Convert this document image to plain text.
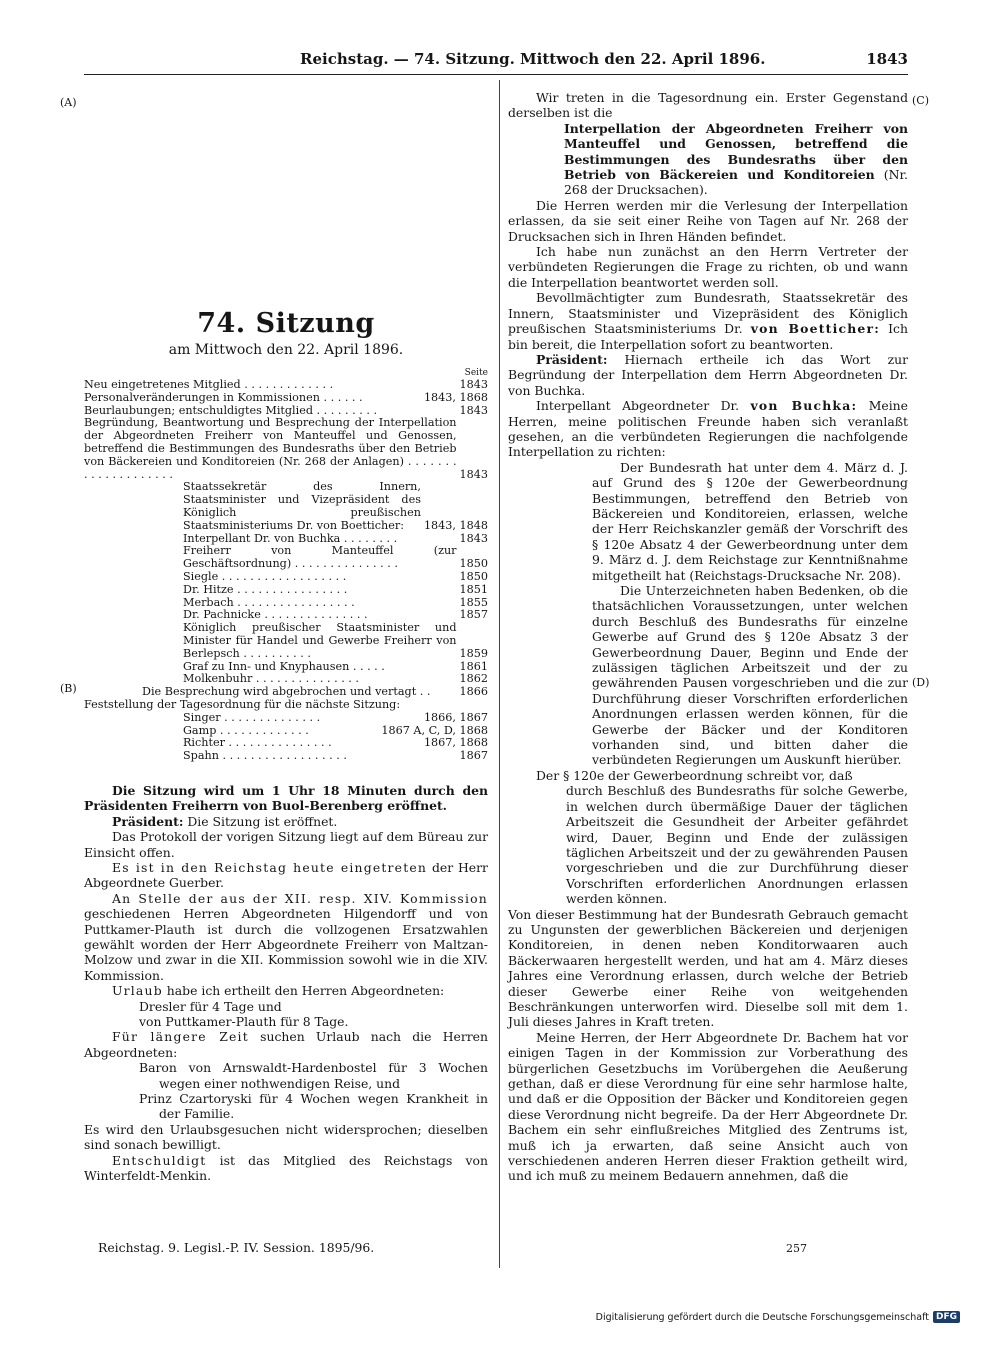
Reichstag. — 74. Sitzung. Mittwoch den 22. April 1896.	1843
(A)
(B)
(C)
(D)
74. Sitzung
am Mittwoch den 22. April 1896.
Seite
Neu eingetretenes Mitglied . . . . . . . . . . . . .	1843
Personalveränderungen in Kommissionen . . . . . .	1843, 1868
Beurlaubungen; entschuldigtes Mitglied . . . . . . . . .	1843
Begründung, Beantwortung und Besprechung der Interpellation der Abgeordneten Freiherr von Manteuffel und Genossen, betreffend die Bestimmungen des Bundesraths über den Betrieb von Bäckereien und Konditoreien (Nr. 268 der Anlagen) . . . . . . . . . . . . . . . . . . . .	1843
Staatssekretär des Innern, Staatsminister und Vizepräsident des Königlich preußischen Staatsministeriums Dr. von Boetticher:	1843, 1848
Interpellant Dr. von Buchka . . . . . . . .	1843
Freiherr von Manteuffel (zur Geschäftsordnung) . . . . . . . . . . . . . . .	1850
Siegle . . . . . . . . . . . . . . . . . .	1850
Dr. Hitze . . . . . . . . . . . . . . . .	1851
Merbach . . . . . . . . . . . . . . . . .	1855
Dr. Pachnicke . . . . . . . . . . . . . . .	1857
Königlich preußischer Staatsminister und Minister für Handel und Gewerbe Freiherr von Berlepsch . . . . . . . . . .	1859
Graf zu Inn- und Knyphausen . . . . .	1861
Molkenbuhr . . . . . . . . . . . . . . .	1862
Die Besprechung wird abgebrochen und vertagt . .	1866
Feststellung der Tagesordnung für die nächste Sitzung:
Singer . . . . . . . . . . . . . .	1866, 1867
Gamp . . . . . . . . . . . . .	1867 A, C, D, 1868
Richter . . . . . . . . . . . . . . .	1867, 1868
Spahn . . . . . . . . . . . . . . . . . .	1867

Die Sitzung wird um 1 Uhr 18 Minuten durch den Präsidenten Freiherrn von Buol-Berenberg eröffnet.

Präsident: Die Sitzung ist eröffnet.

Das Protokoll der vorigen Sitzung liegt auf dem Büreau zur Einsicht offen.

Es ist in den Reichstag heute eingetreten der Herr Abgeordnete Guerber.

An Stelle der aus der XII. resp. XIV. Kommission geschiedenen Herren Abgeordneten Hilgendorff und von Puttkamer-Plauth ist durch die vollzogenen Ersatzwahlen gewählt worden der Herr Abgeordnete Freiherr von Maltzan-Molzow und zwar in die XII. Kommission sowohl wie in die XIV. Kommission.

Urlaub habe ich ertheilt den Herren Abgeordneten:

Dresler für 4 Tage und

von Puttkamer-Plauth für 8 Tage.

Für längere Zeit suchen Urlaub nach die Herren Abgeordneten:

Baron von Arnswaldt-Hardenbostel für 3 Wochen wegen einer nothwendigen Reise, und

Prinz Czartoryski für 4 Wochen wegen Krankheit in der Familie.

Es wird den Urlaubsgesuchen nicht widersprochen; dieselben sind sonach bewilligt.

Entschuldigt ist das Mitglied des Reichstags von Winterfeldt-Menkin.

Wir treten in die Tagesordnung ein. Erster Gegenstand derselben ist die

Interpellation der Abgeordneten Freiherr von Manteuffel und Genossen, betreffend die Bestimmungen des Bundesraths über den Betrieb von Bäckereien und Konditoreien (Nr. 268 der Drucksachen).

Die Herren werden mir die Verlesung der Interpellation erlassen, da sie seit einer Reihe von Tagen auf Nr. 268 der Drucksachen sich in Ihren Händen befindet.

Ich habe nun zunächst an den Herrn Vertreter der verbündeten Regierungen die Frage zu richten, ob und wann die Interpellation beantwortet werden soll.

Bevollmächtigter zum Bundesrath, Staatssekretär des Innern, Staatsminister und Vizepräsident des Königlich preußischen Staatsministeriums Dr. von Boetticher: Ich bin bereit, die Interpellation sofort zu beantworten.

Präsident: Hiernach ertheile ich das Wort zur Begründung der Interpellation dem Herrn Abgeordneten Dr. von Buchka.

Interpellant Abgeordneter Dr. von Buchka: Meine Herren, meine politischen Freunde haben sich veranlaßt gesehen, an die verbündeten Regierungen die nachfolgende Interpellation zu richten:

Der Bundesrath hat unter dem 4. März d. J. auf Grund des § 120e der Gewerbeordnung Bestimmungen, betreffend den Betrieb von Bäckereien und Konditoreien, erlassen, welche der Herr Reichskanzler gemäß der Vorschrift des § 120e Absatz 4 der Gewerbeordnung unter dem 9. März d. J. dem Reichstage zur Kenntnißnahme mitgetheilt hat (Reichstags-Drucksache Nr. 208).

Die Unterzeichneten haben Bedenken, ob die thatsächlichen Voraussetzungen, unter welchen durch Beschluß des Bundesraths für einzelne Gewerbe auf Grund des § 120e Absatz 3 der Gewerbeordnung Dauer, Beginn und Ende der zulässigen täglichen Arbeitszeit und der zu gewährenden Pausen vorgeschrieben und die zur Durchführung dieser Vorschriften erforderlichen Anordnungen erlassen werden können, für die Gewerbe der Bäcker und der Konditoren vorhanden sind, und bitten daher die verbündeten Regierungen um Auskunft hierüber.

Der § 120e der Gewerbeordnung schreibt vor, daß

durch Beschluß des Bundesraths für solche Gewerbe, in welchen durch übermäßige Dauer der täglichen Arbeitszeit die Gesundheit der Arbeiter gefährdet wird, Dauer, Beginn und Ende der zulässigen täglichen Arbeitszeit und der zu gewährenden Pausen vorgeschrieben und die zur Durchführung dieser Vorschriften erforderlichen Anordnungen erlassen werden können.

Von dieser Bestimmung hat der Bundesrath Gebrauch gemacht zu Ungunsten der gewerblichen Bäckereien und derjenigen Konditoreien, in denen neben Konditorwaaren auch Bäckerwaaren hergestellt werden, und hat am 4. März dieses Jahres eine Verordnung erlassen, durch welche der Betrieb dieser Gewerbe einer Reihe von weitgehenden Beschränkungen unterworfen wird. Dieselbe soll mit dem 1. Juli dieses Jahres in Kraft treten.

Meine Herren, der Herr Abgeordnete Dr. Bachem hat vor einigen Tagen in der Kommission zur Vorberathung des bürgerlichen Gesetzbuchs im Vorübergehen die Aeußerung gethan, daß er diese Verordnung für eine sehr harmlose halte, und daß er die Opposition der Bäcker und Konditoreien gegen diese Verordnung nicht begreife. Da der Herr Abgeordnete Dr. Bachem ein sehr einflußreiches Mitglied des Zentrums ist, muß ich ja erwarten, daß seine Ansicht auch von verschiedenen anderen Herren dieser Fraktion getheilt wird, und ich muß zu meinem Bedauern annehmen, daß die

Reichstag. 9. Legisl.-P. IV. Session. 1895/96.	257
Digitalisierung gefördert durch die Deutsche Forschungsgemeinschaft DFG
